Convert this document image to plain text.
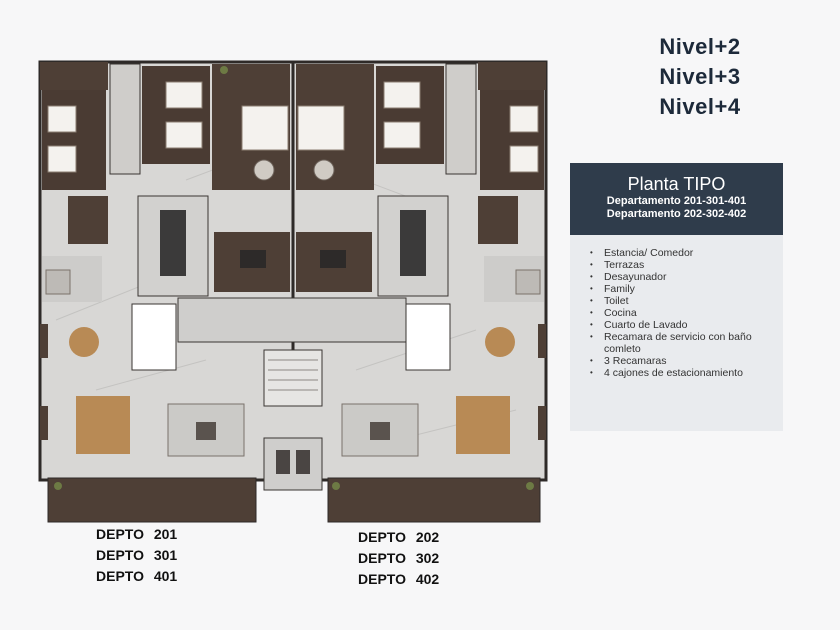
Nivel+2
Nivel+3
Nivel+4
Planta TIPO
Departamento 201-301-401
Departamento 202-302-402
• Estancia/ Comedor
• Terrazas
• Desayunador
• Family
• Toilet
• Cocina
• Cuarto de Lavado
• Recamara de servicio con baño comleto
• 3 Recamaras
• 4 cajones de estacionamiento
DEPTO 201
DEPTO 301
DEPTO 401
DEPTO 202
DEPTO 302
DEPTO 402
